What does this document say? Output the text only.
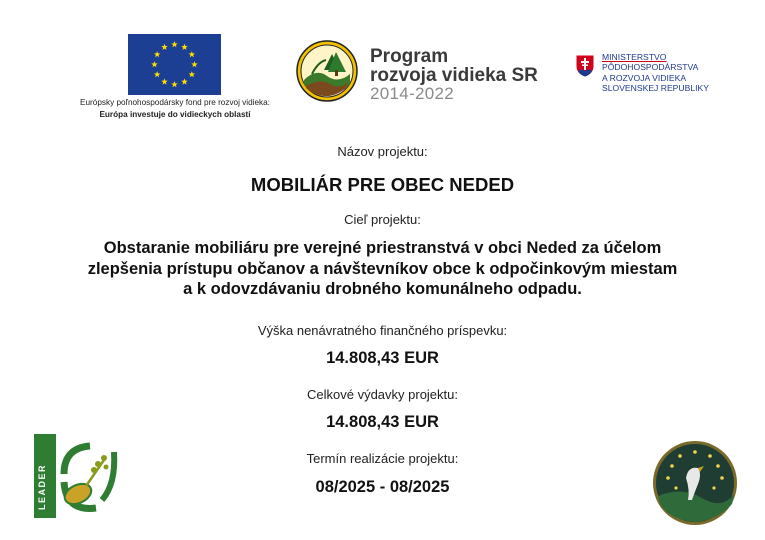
Európsky poľnohospodársky fond pre rozvoj vidieka:
Európa investuje do vidieckych oblastí
Program
rozvoja vidieka SR
2014-2022
MINISTERSTVO
PÔDOHOSPODÁRSTVA
A ROZVOJA VIDIEKA
SLOVENSKEJ REPUBLIKY
Názov projektu:
MOBILIÁR PRE OBEC NEDED
Cieľ projektu:
Obstaranie mobiliáru pre verejné priestranstvá v obci Neded za účelom
zlepšenia prístupu občanov a návštevníkov obce k odpočinkovým miestam
a k odovzdávaniu drobného komunálneho odpadu.
Výška nenávratného finančného príspevku:
14.808,43 EUR
Celkové výdavky projektu:
14.808,43 EUR
Termín realizácie projektu:
08/2025 - 08/2025
LEADER
